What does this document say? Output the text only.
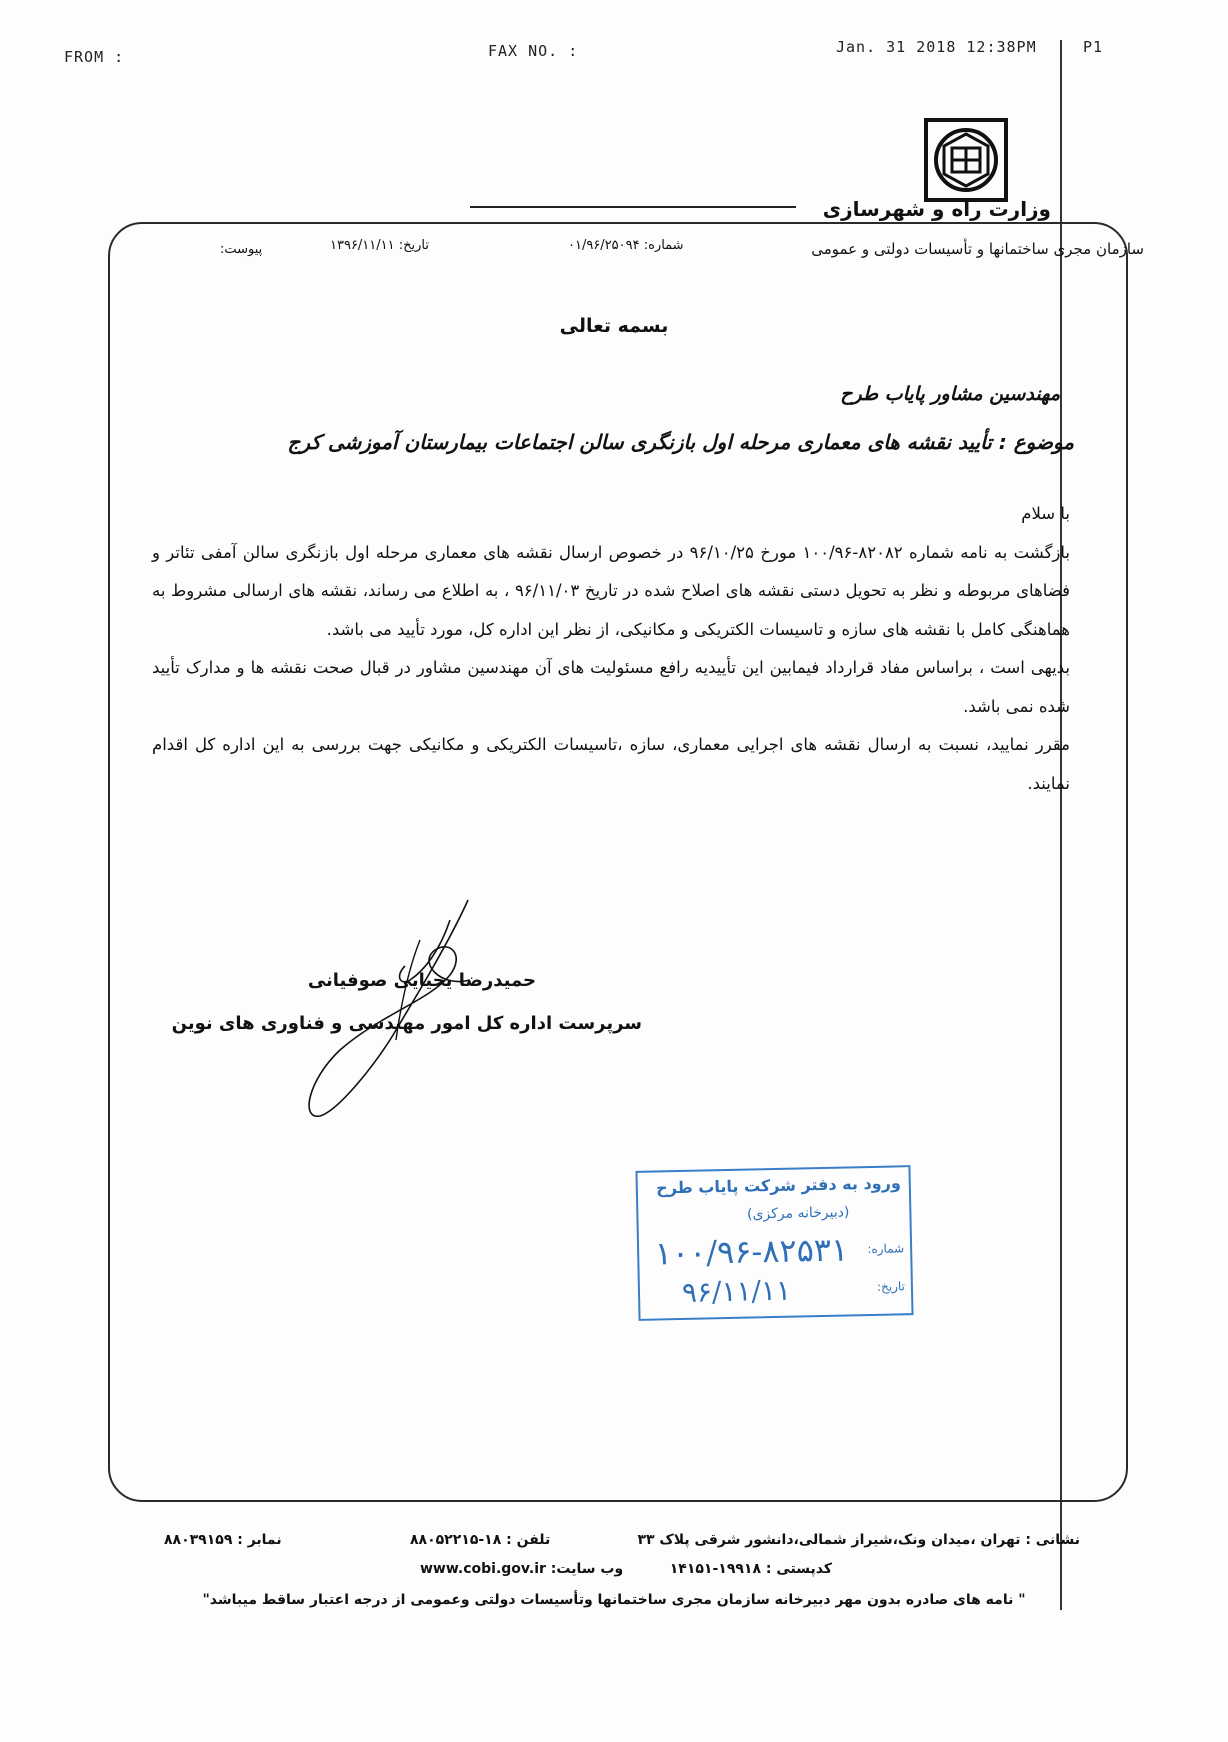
FROM :	FAX NO. :	Jan. 31 2018 12:38PM	P1
وزارت راه و شهرسازی
سازمان مجری ساختمانها و تأسیسات دولتی و عمومی
شماره: ۰۱/۹۶/۲۵۰۹۴
تاریخ: ۱۳۹۶/۱۱/۱۱
پیوست:
بسمه تعالی
مهندسین مشاور پایاب طرح
موضوع : تأیید نقشه های معماری مرحله اول بازنگری سالن اجتماعات بیمارستان آموزشی کرج

با سلام

بازگشت به نامه شماره ۸۲۰۸۲-۱۰۰/۹۶ مورخ ۹۶/۱۰/۲۵ در خصوص ارسال نقشه های معماری مرحله اول بازنگری سالن آمفی تئاتر و فضاهای مربوطه و نظر به تحویل دستی نقشه های اصلاح شده در تاریخ ۹۶/۱۱/۰۳ ، به اطلاع می رساند، نقشه های ارسالی مشروط به هماهنگی کامل با نقشه های سازه و تاسیسات الکتریکی و مکانیکی، از نظر این اداره کل، مورد تأیید می باشد.

بدیهی است ، براساس مفاد قرارداد فیمابین این تأییدیه رافع مسئولیت های آن مهندسین مشاور در قبال صحت نقشه ها و مدارک تأیید شده نمی باشد.

مقرر نمایید، نسبت به ارسال نقشه های اجرایی معماری، سازه ،تاسیسات الکتریکی و مکانیکی جهت بررسی به این اداره کل اقدام نمایند.

حمیدرضا یحیایی صوفیانی
سرپرست اداره کل امور مهندسی و فناوری های نوین
ورود به دفتر شرکت پایاب طرح
(دبیرخانه مرکزی)
شماره:
۱۰۰/۹۶-۸۲۵۳۱
تاریخ:
۹۶/۱۱/۱۱
نشانی : تهران ،میدان ونک،شیراز شمالی،دانشور شرقی پلاک ۳۳
تلفن : ۱۸-۸۸۰۵۲۲۱۵
نمابر : ۸۸۰۳۹۱۵۹
کدپستی : ۱۹۹۱۸-۱۴۱۵۱
وب سایت: www.cobi.gov.ir
" نامه های صادره بدون مهر دبیرخانه سازمان مجری ساختمانها وتأسیسات دولتی وعمومی از درجه اعتبار ساقط میباشد"
